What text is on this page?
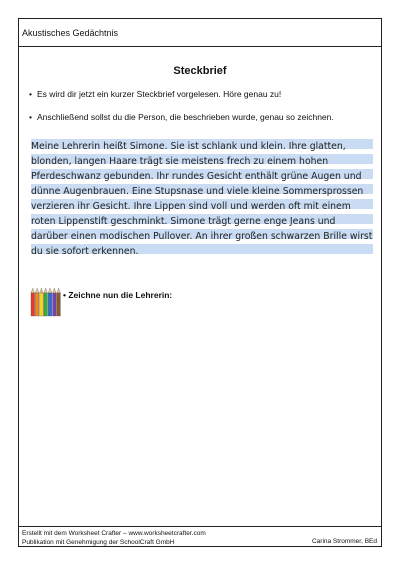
Akustisches Gedächtnis
Steckbrief
• Es wird dir jetzt ein kurzer Steckbrief vorgelesen. Höre genau zu!
• Anschließend sollst du die Person, die beschrieben wurde, genau so zeichnen.

Meine Lehrerin heißt Simone. Sie ist schlank und klein. Ihre glatten, blonden, langen Haare trägt sie meistens frech zu einem hohen Pferdeschwanz gebunden. Ihr rundes Gesicht enthält grüne Augen und dünne Augenbrauen. Eine Stupsnase und viele kleine Sommersprossen verzieren ihr Gesicht. Ihre Lippen sind voll und werden oft mit einem roten Lippenstift geschminkt. Simone trägt gerne enge Jeans und darüber einen modischen Pullover. An ihrer großen schwarzen Brille wirst du sie sofort erkennen.

• Zeichne nun die Lehrerin:
Erstellt mit dem Worksheet Crafter – www.worksheetcrafter.com
Publikation mit Genehmigung der SchoolCraft GmbH	Carina Strommer, BEd
